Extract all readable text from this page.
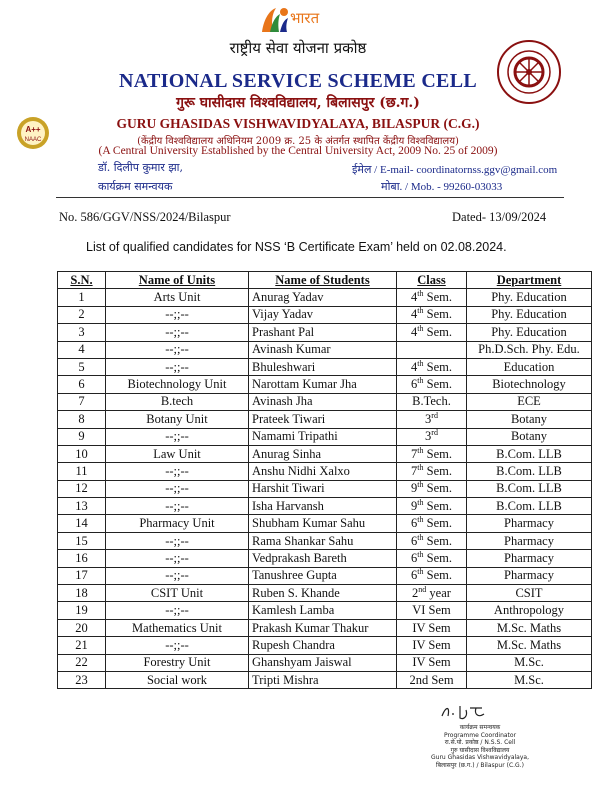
भारत
A++
NAAC
राष्ट्रीय सेवा योजना प्रकोष्ठ
NATIONAL SERVICE SCHEME CELL
गुरू घासीदास विश्वविद्यालय, बिलासपुर (छ.ग.)
GURU GHASIDAS VISHWAVIDYALAYA, BILASPUR (C.G.)
(केंद्रीय विश्वविद्यालय अधिनियम 2009 क्र. 25 के अंतर्गत स्थापित केंद्रीय विश्वविद्यालय)
(A Central University Established by the Central University Act, 2009 No. 25 of 2009)
डॉ. दिलीप कुमार झा,
कार्यक्रम समन्वयक
ईमेल / E-mail- coordinatornss.ggv@gmail.com
मोबा. / Mob. - 99260-03033
No. 586/GGV/NSS/2024/Bilaspur	Dated- 13/09/2024
List of qualified candidates for NSS ‘B Certificate Exam’ held on 02.08.2024.
S.N.	Name of Units	Name of Students	Class	Department
1	Arts Unit	Anurag Yadav	4th Sem.	Phy. Education
2	--;;--	Vijay Yadav	4th Sem.	Phy. Education
3	--;;--	Prashant Pal	4th Sem.	Phy. Education
4	--;;--	Avinash Kumar		Ph.D.Sch. Phy. Edu.
5	--;;--	Bhuleshwari	4th Sem.	Education
6	Biotechnology Unit	Narottam Kumar Jha	6th Sem.	Biotechnology
7	B.tech	Avinash Jha	B.Tech.	ECE
8	Botany Unit	Prateek Tiwari	3rd	Botany
9	--;;--	Namami Tripathi	3rd	Botany
10	Law Unit	Anurag Sinha	7th Sem.	B.Com. LLB
11	--;;--	Anshu Nidhi Xalxo	7th Sem.	B.Com. LLB
12	--;;--	Harshit Tiwari	9th Sem.	B.Com. LLB
13	--;;--	Isha Harvansh	9th Sem.	B.Com. LLB
14	Pharmacy Unit	Shubham Kumar Sahu	6th Sem.	Pharmacy
15	--;;--	Rama Shankar Sahu	6th Sem.	Pharmacy
16	--;;--	Vedprakash Bareth	6th Sem.	Pharmacy
17	--;;--	Tanushree Gupta	6th Sem.	Pharmacy
18	CSIT Unit	Ruben S. Khande	2nd year	CSIT
19	--;;--	Kamlesh Lamba	VI Sem	Anthropology
20	Mathematics Unit	Prakash Kumar Thakur	IV Sem	M.Sc. Maths
21	--;;--	Rupesh Chandra	IV Sem	M.Sc. Maths
22	Forestry Unit	Ghanshyam Jaiswal	IV Sem	M.Sc.
23	Social work	Tripti Mishra	2nd Sem	M.Sc.
कार्यक्रम समन्वयक
Programme Coordinator
रा.से.यो. प्रकोष्ठ / N.S.S. Cell
गुरु घासीदास विश्वविद्यालय
Guru Ghasidas Vishwavidyalaya,
बिलासपुर (छ.ग.) / Bilaspur (C.G.)
